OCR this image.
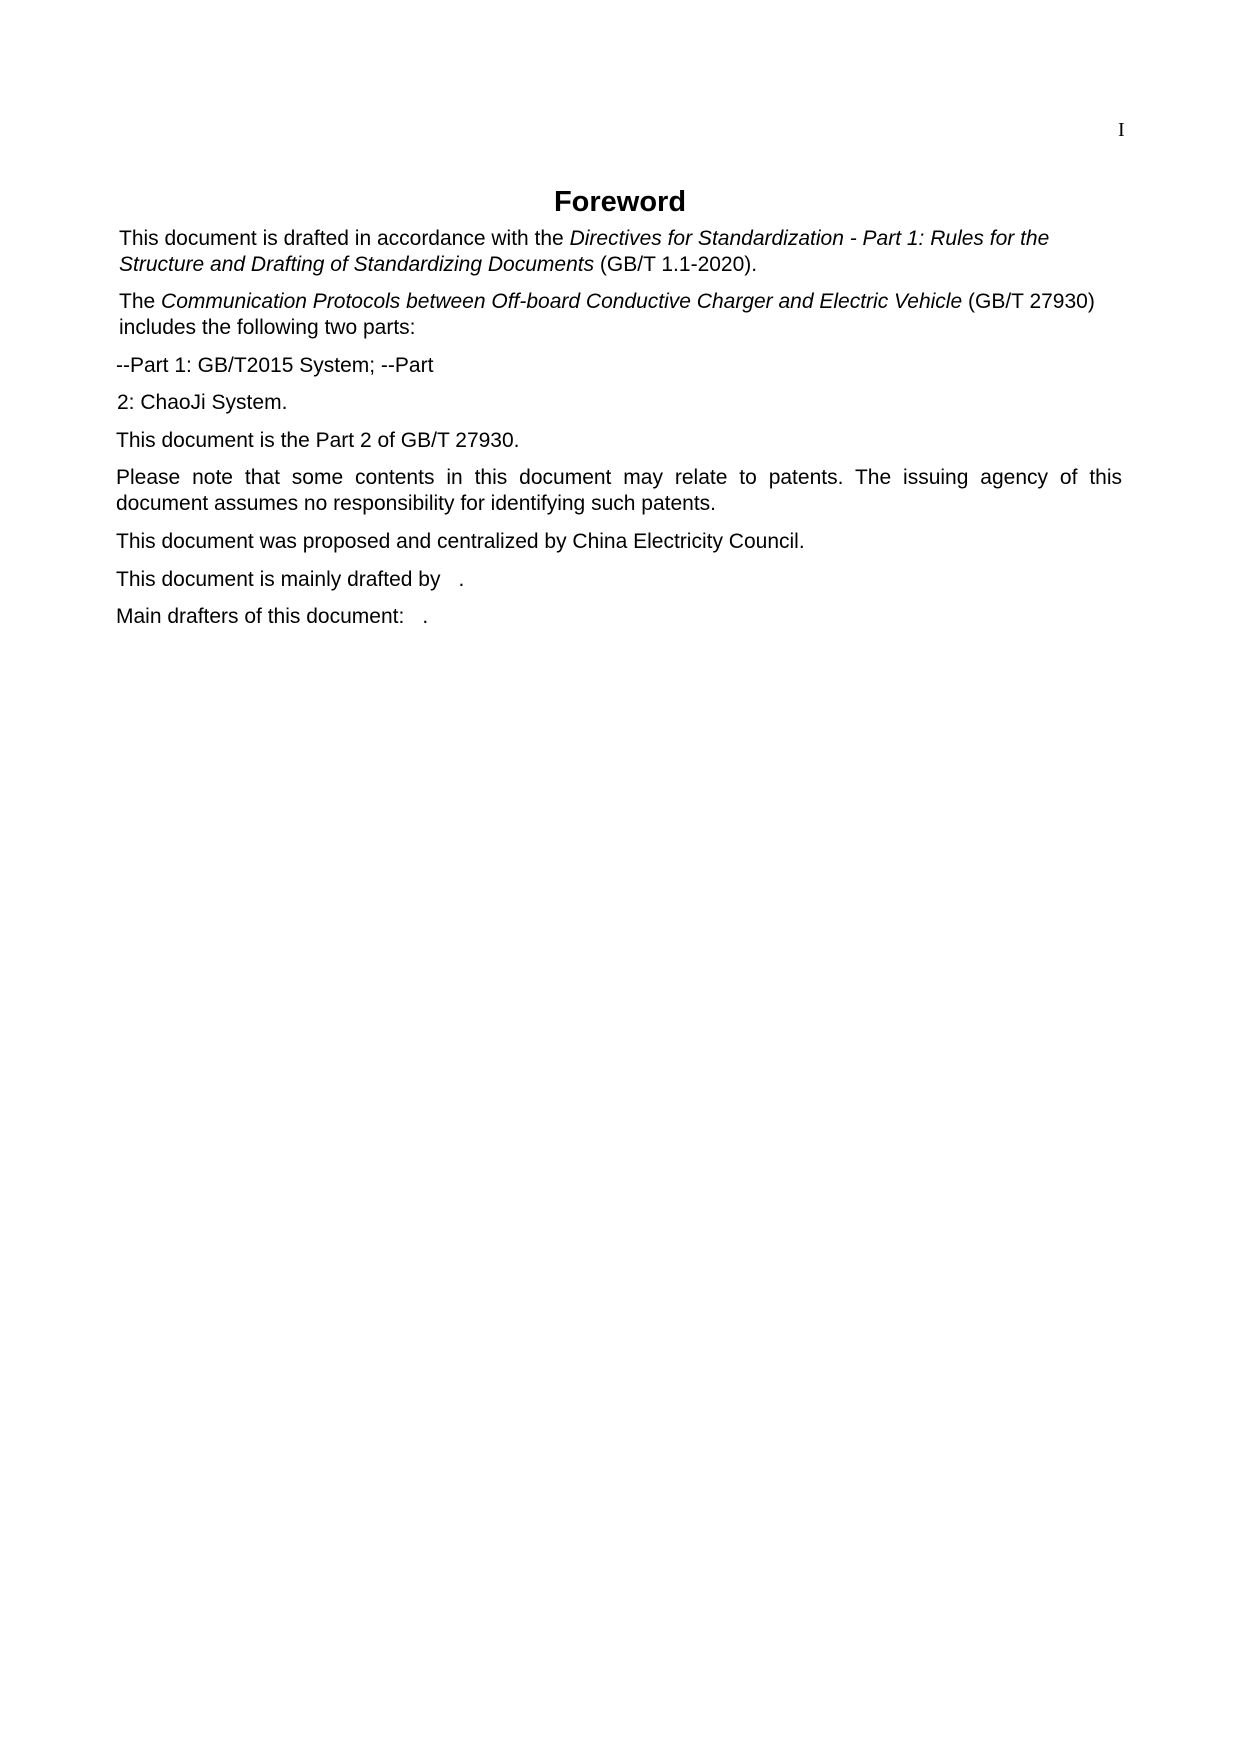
I
Foreword

This document is drafted in accordance with the Directives for Standardization - Part 1: Rules for the Structure and Drafting of Standardizing Documents (GB/T 1.1-2020).

The Communication Protocols between Off-board Conductive Charger and Electric Vehicle (GB/T 27930) includes the following two parts:

--Part 1: GB/T2015 System; --Part

2: ChaoJi System.

This document is the Part 2 of GB/T 27930.

Please note that some contents in this document may relate to patents. The issuing agency of this document assumes no responsibility for identifying such patents.

This document was proposed and centralized by China Electricity Council.

This document is mainly drafted by .

Main drafters of this document: .
